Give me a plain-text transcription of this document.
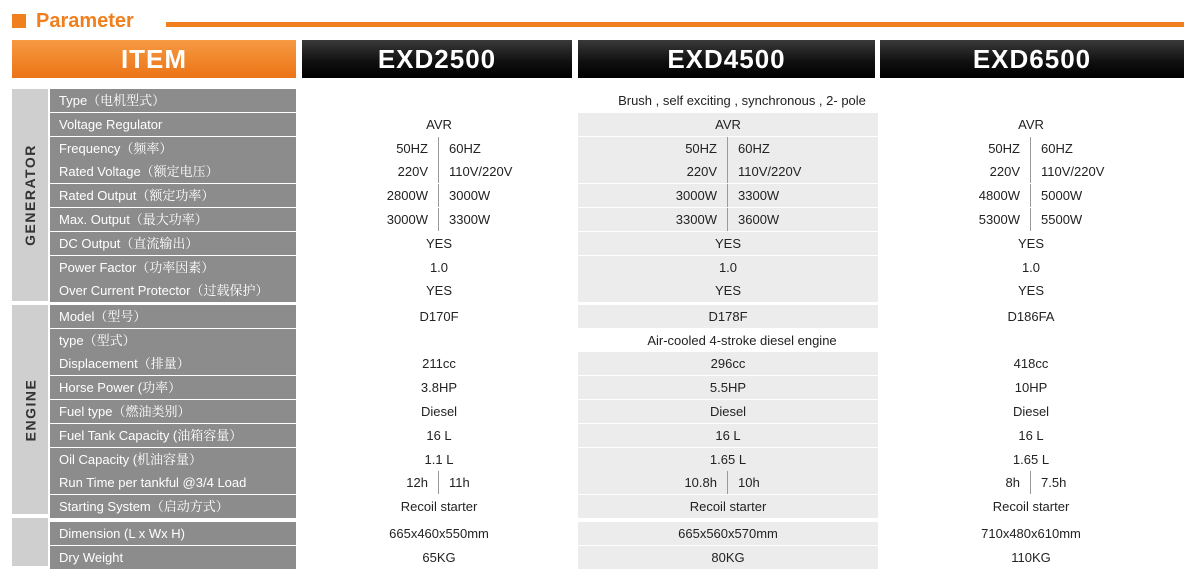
Parameter
ITEM	EXD2500	EXD4500	EXD6500
GENERATOR
ENGINE
Type（电机型式）	Brush , self exciting , synchronous , 2- pole
Voltage Regulator	AVR	AVR	AVR
Frequency（频率）	50HZ	60HZ	50HZ	60HZ	50HZ	60HZ
Rated Voltage（额定电压）	220V	110V/220V	220V	110V/220V	220V	110V/220V
Rated Output（额定功率）	2800W	3000W	3000W	3300W	4800W	5000W
Max. Output（最大功率）	3000W	3300W	3300W	3600W	5300W	5500W
DC Output（直流输出）	YES	YES	YES
Power Factor（功率因素）	1.0	1.0	1.0
Over Current Protector（过载保护）	YES	YES	YES
Model（型号）	D170F	D178F	D186FA
type（型式）	Air-cooled 4-stroke diesel engine
Displacement（排量）	211cc	296cc	418cc
Horse Power (功率）	3.8HP	5.5HP	10HP
Fuel type（燃油类别）	Diesel	Diesel	Diesel
Fuel Tank Capacity (油箱容量）	16 L	16 L	16 L
Oil Capacity (机油容量）	1.1 L	1.65 L	1.65 L
Run Time per tankful @3/4 Load	12h	11h	10.8h	10h	8h	7.5h
Starting System（启动方式）	Recoil starter	Recoil starter	Recoil starter
Dimension (L x Wx H)	665x460x550mm	665x560x570mm	710x480x610mm
Dry Weight	65KG	80KG	110KG
